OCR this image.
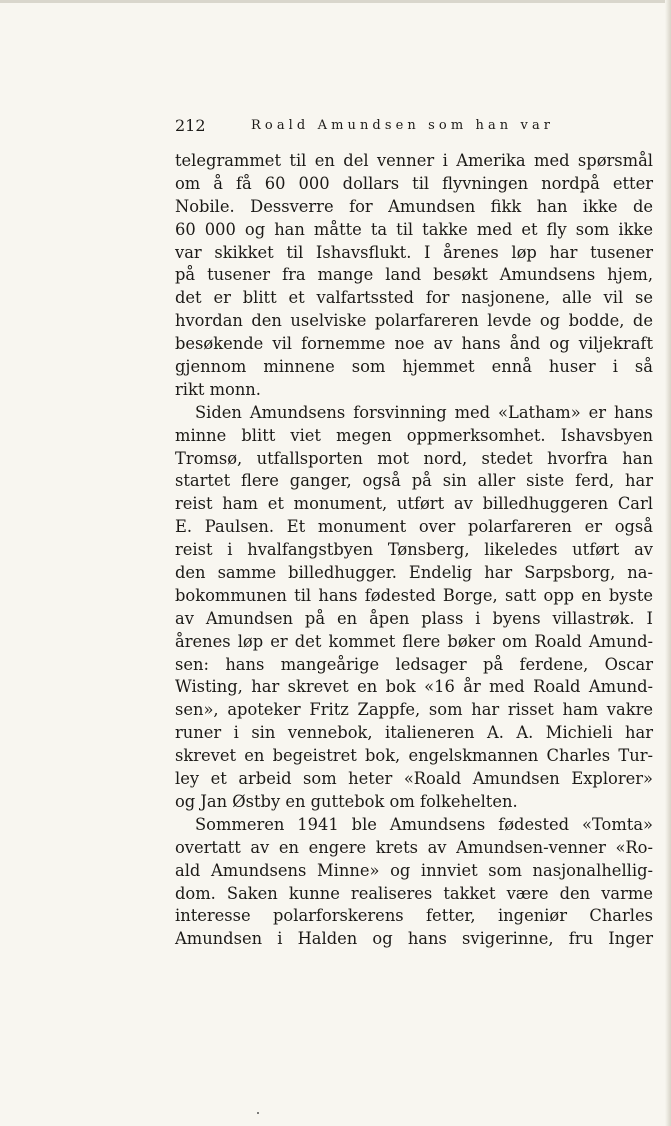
212	Roald Amundsen som han var
telegrammet til en del venner i Amerika med spørsmål
om å få 60 000 dollars til flyvningen nordpå etter
Nobile. Dessverre for Amundsen fikk han ikke de
60 000 og han måtte ta til takke med et fly som ikke
var skikket til Ishavsflukt. I årenes løp har tusener
på tusener fra mange land besøkt Amundsens hjem,
det er blitt et valfartssted for nasjonene, alle vil se
hvordan den uselviske polarfareren levde og bodde, de
besøkende vil fornemme noe av hans ånd og viljekraft
gjennom minnene som hjemmet ennå huser i så
rikt monn.
Siden Amundsens forsvinning med «Latham» er hans
minne blitt viet megen oppmerksomhet. Ishavsbyen
Tromsø, utfallsporten mot nord, stedet hvorfra han
startet flere ganger, også på sin aller siste ferd, har
reist ham et monument, utført av billedhuggeren Carl
E. Paulsen. Et monument over polarfareren er også
reist i hvalfangstbyen Tønsberg, likeledes utført av
den samme billedhugger. Endelig har Sarpsborg, na-
bokommunen til hans fødested Borge, satt opp en byste
av Amundsen på en åpen plass i byens villastrøk. I
årenes løp er det kommet flere bøker om Roald Amund-
sen: hans mangeårige ledsager på ferdene, Oscar
Wisting, har skrevet en bok «16 år med Roald Amund-
sen», apoteker Fritz Zappfe, som har risset ham vakre
runer i sin vennebok, italieneren A. A. Michieli har
skrevet en begeistret bok, engelskmannen Charles Tur-
ley et arbeid som heter «Roald Amundsen Explorer»
og Jan Østby en guttebok om folkehelten.
Sommeren 1941 ble Amundsens fødested «Tomta»
overtatt av en engere krets av Amundsen-venner «Ro-
ald Amundsens Minne» og innviet som nasjonalhellig-
dom. Saken kunne realiseres takket være den varme
interesse polarforskerens fetter, ingeniør Charles
Amundsen i Halden og hans svigerinne, fru Inger
